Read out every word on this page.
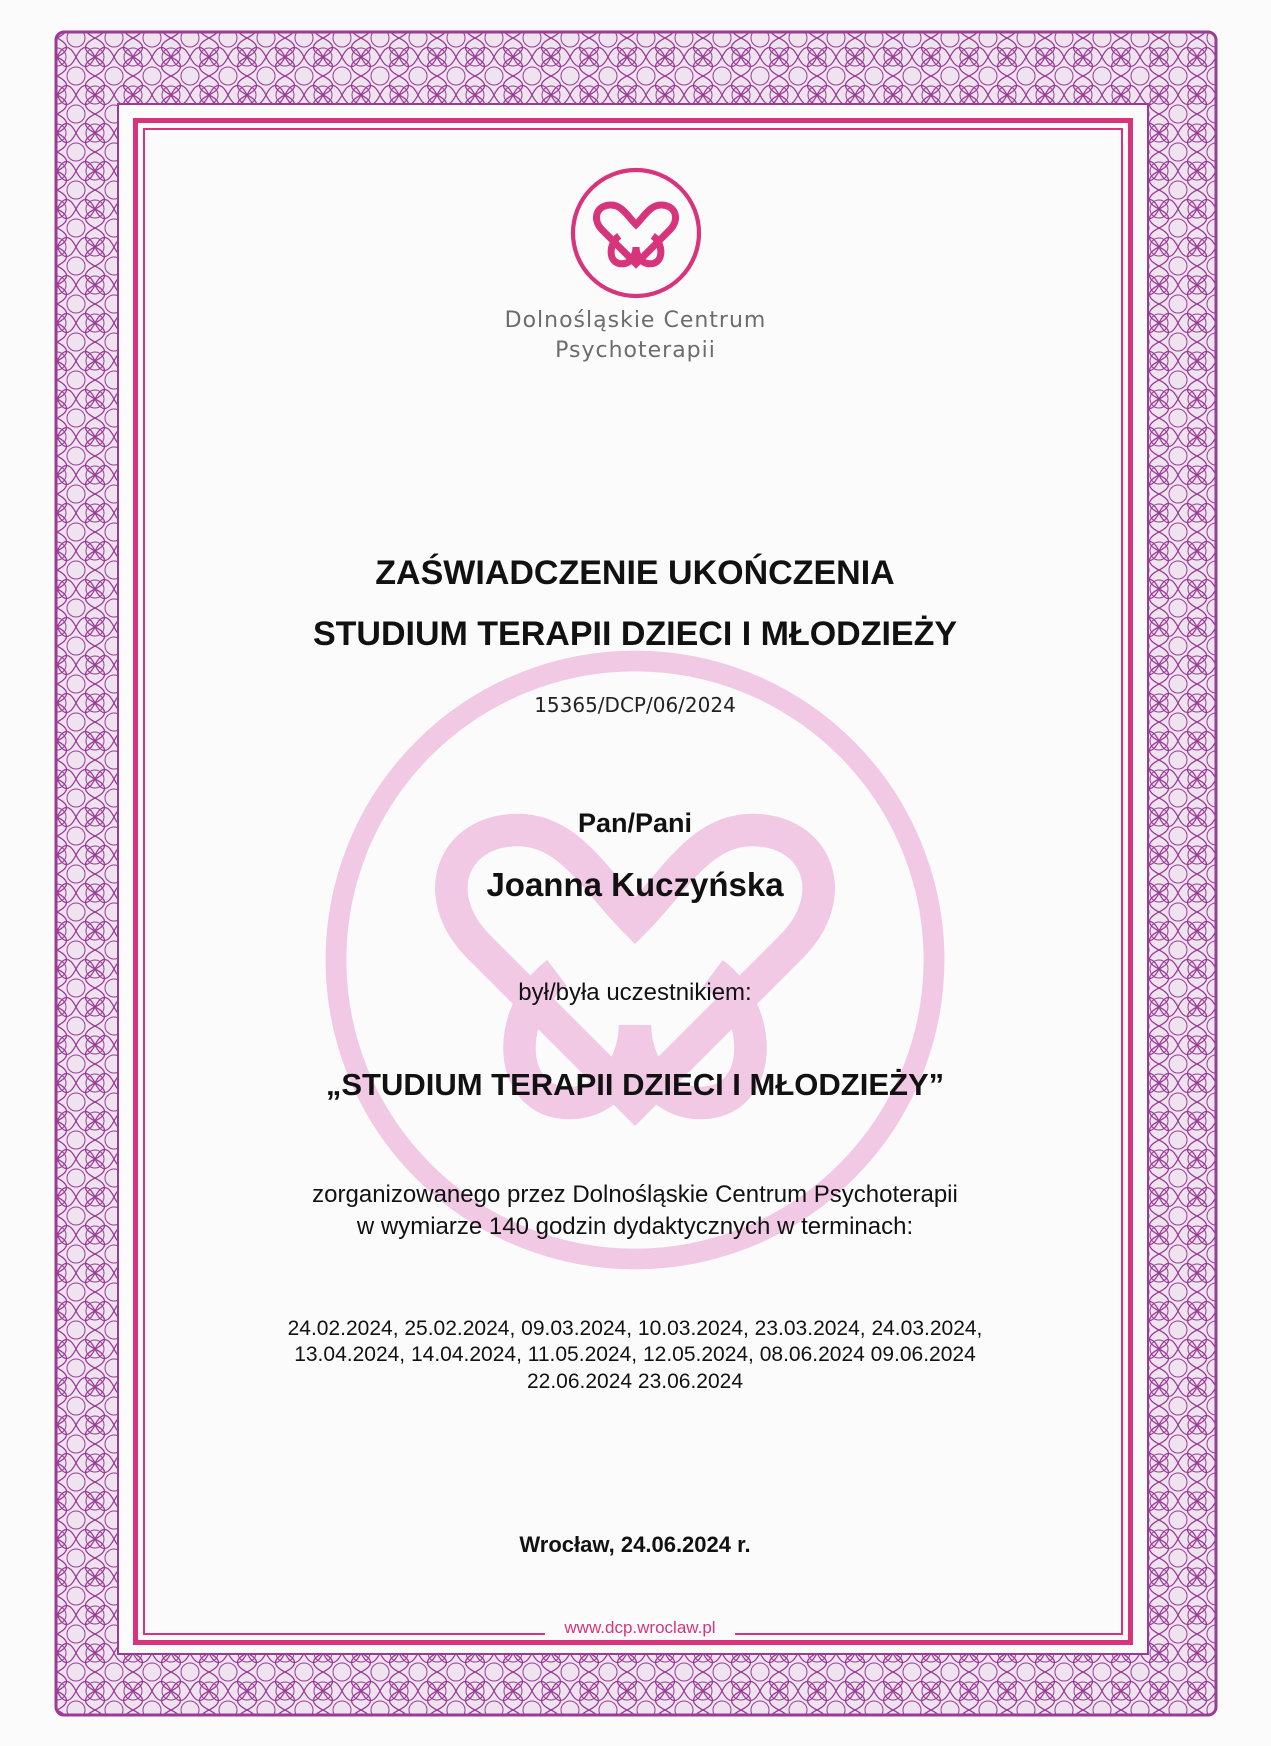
Dolnośląskie Centrum
Psychoterapii
ZAŚWIADCZENIE UKOŃCZENIA
STUDIUM TERAPII DZIECI I MŁODZIEŻY
15365/DCP/06/2024
Pan/Pani
Joanna Kuczyńska
był/była uczestnikiem:
„STUDIUM TERAPII DZIECI I MŁODZIEŻY”
zorganizowanego przez Dolnośląskie Centrum Psychoterapii
w wymiarze 140 godzin dydaktycznych w terminach:
24.02.2024, 25.02.2024, 09.03.2024, 10.03.2024, 23.03.2024, 24.03.2024,
13.04.2024, 14.04.2024, 11.05.2024, 12.05.2024, 08.06.2024 09.06.2024
22.06.2024 23.06.2024
Wrocław, 24.06.2024 r.
www.dcp.wroclaw.pl
